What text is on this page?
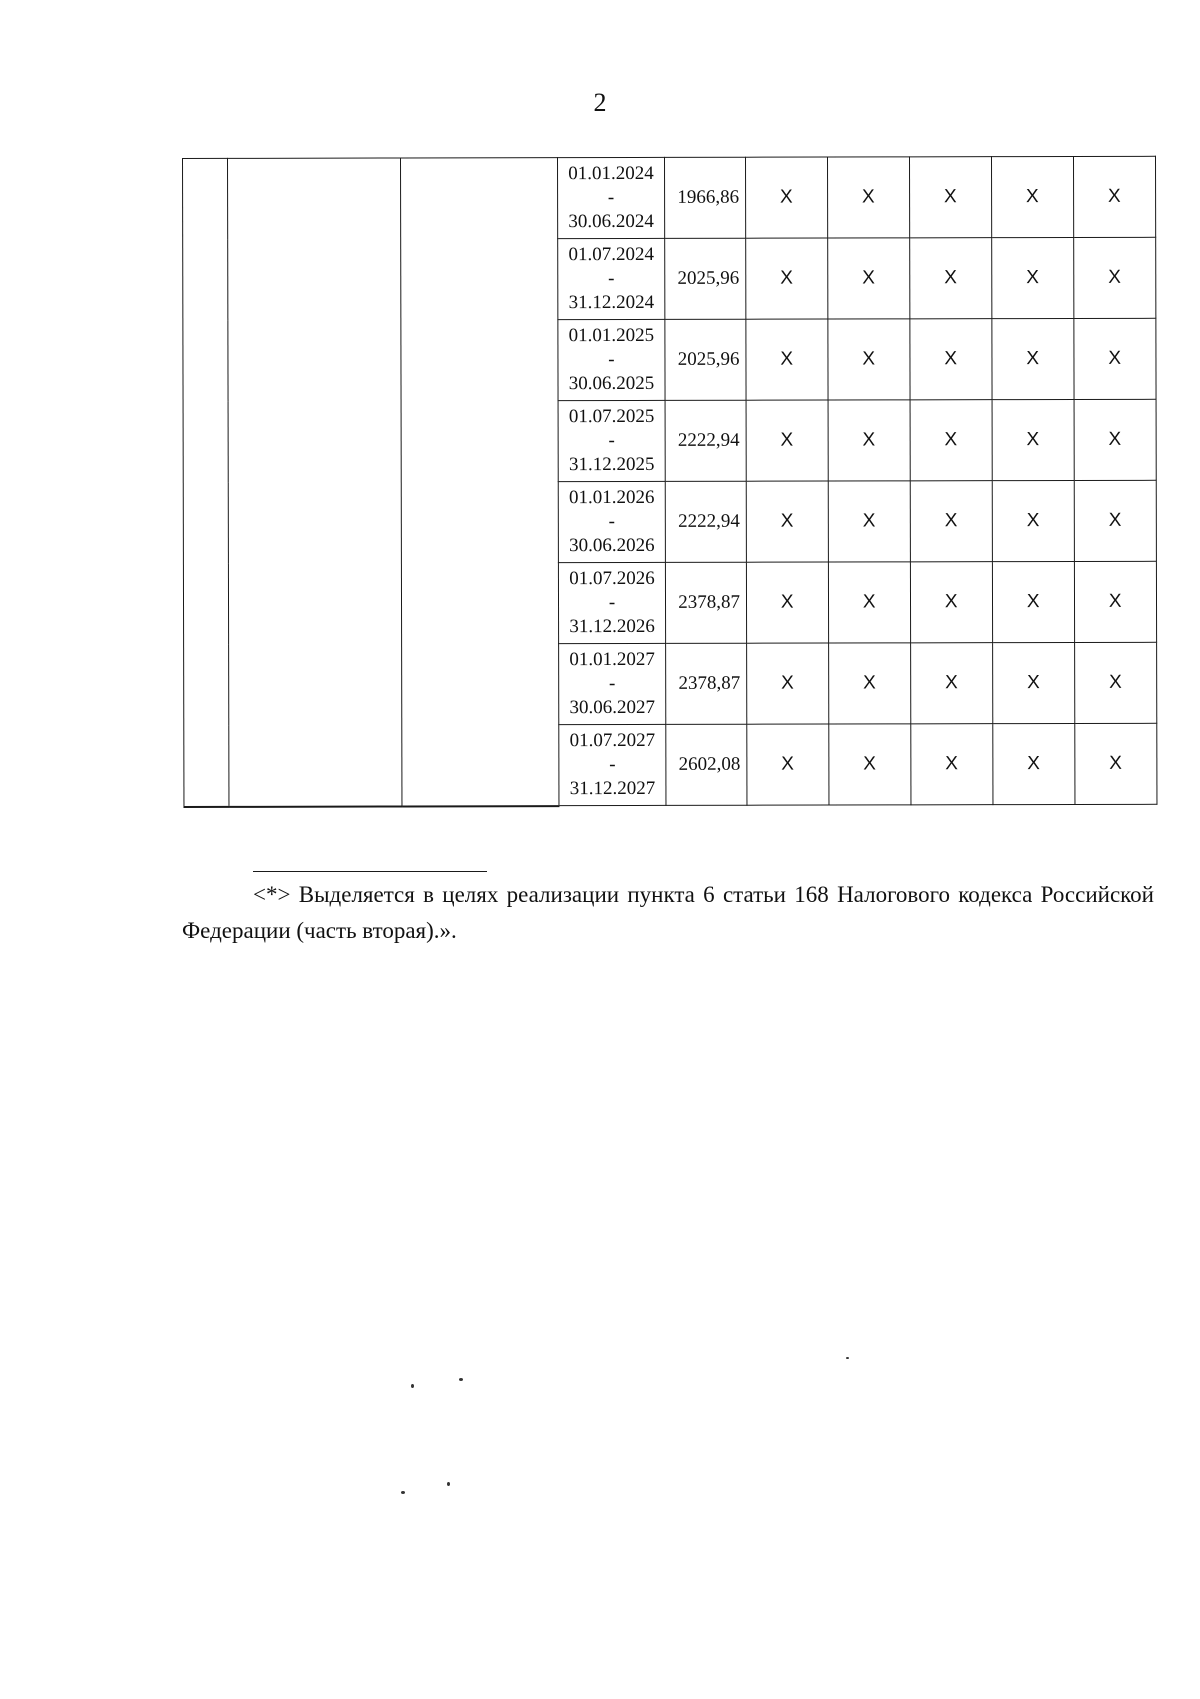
2

			01.01.2024
-
30.06.2024	1966,86	X	X	X	X	X

			01.07.2024
-
31.12.2024	2025,96	X	X	X	X	X

			01.01.2025
-
30.06.2025	2025,96	X	X	X	X	X

			01.07.2025
-
31.12.2025	2222,94	X	X	X	X	X

			01.01.2026
-
30.06.2026	2222,94	X	X	X	X	X

			01.07.2026
-
31.12.2026	2378,87	X	X	X	X	X

			01.01.2027
-
30.06.2027	2378,87	X	X	X	X	X

			01.07.2027
-
31.12.2027	2602,08	X	X	X	X	X
<*> Выделяется в целях реализации пункта 6 статьи 168 Налогового кодекса Российской Федерации (часть вторая).».
